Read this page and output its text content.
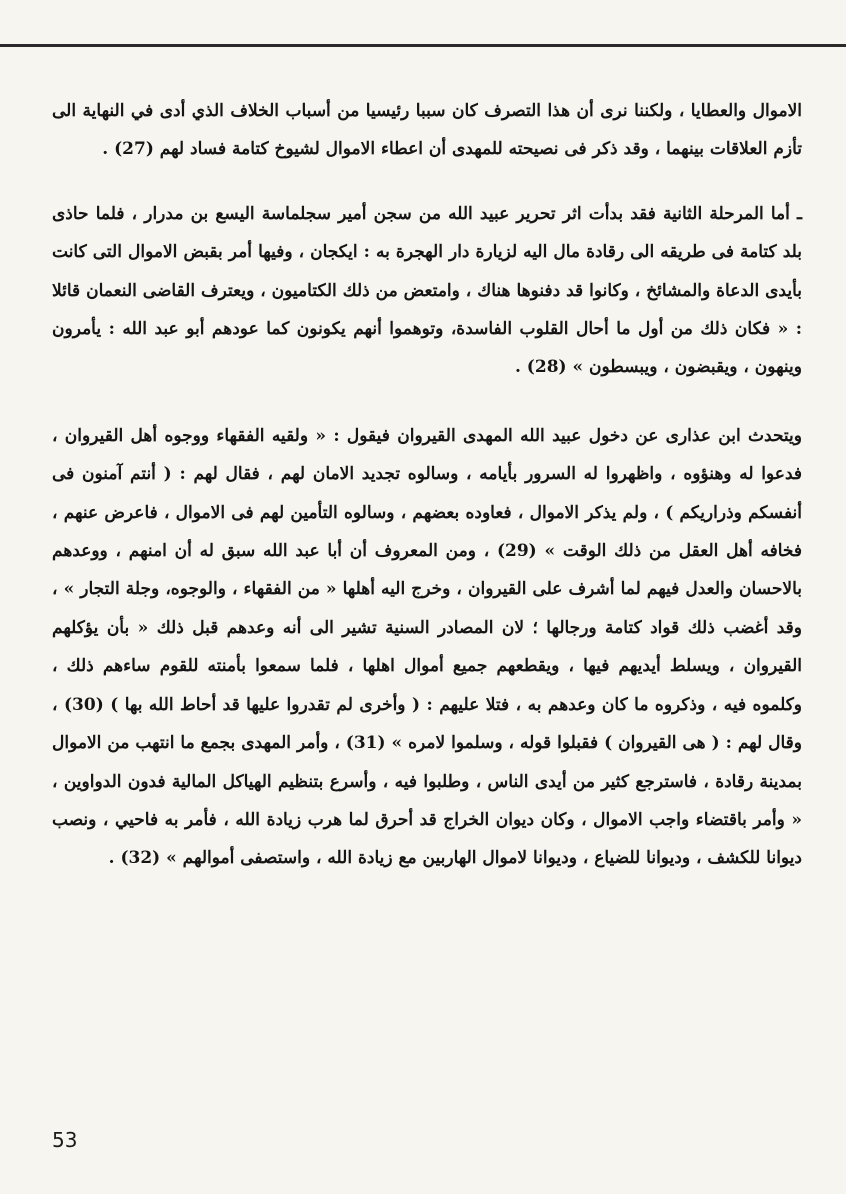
الاموال والعطايا ، ولكننا نرى أن هذا التصرف كان سببا رئيسيا من أسباب الخلاف الذي أدى في النهاية الى تأزم العلاقات بينهما ، وقد ذكر فى نصيحته للمهدى أن اعطاء الاموال لشيوخ كتامة فساد لهم (27) .

ـ أما المرحلة الثانية فقد بدأت اثر تحرير عبيد الله من سجن أمير سجلماسة اليسع بن مدرار ، فلما حاذى بلد كتامة فى طريقه الى رقادة مال اليه لزيارة دار الهجرة به : ايكجان ، وفيها أمر بقبض الاموال التى كانت بأيدى الدعاة والمشائخ ، وكانوا قد دفنوها هناك ، وامتعض من ذلك الكتاميون ، ويعترف القاضى النعمان قائلا : « فكان ذلك من أول ما أحال القلوب الفاسدة، وتوهموا أنهم يكونون كما عودهم أبو عبد الله : يأمرون وينهون ، ويقبضون ، ويبسطون » (28) .

ويتحدث ابن عذارى عن دخول عبيد الله المهدى القيروان فيقول : « ولقيه الفقهاء ووجوه أهل القيروان ، فدعوا له وهنؤوه ، واظهروا له السرور بأيامه ، وسالوه تجديد الامان لهم ، فقال لهم : ( أنتم آمنون فى أنفسكم وذراريكم ) ، ولم يذكر الاموال ، فعاوده بعضهم ، وسالوه التأمين لهم فى الاموال ، فاعرض عنهم ، فخافه أهل العقل من ذلك الوقت » (29) ، ومن المعروف أن أبا عبد الله سبق له أن امنهم ، ووعدهم بالاحسان والعدل فيهم لما أشرف على القيروان ، وخرج اليه أهلها « من الفقهاء ، والوجوه، وجلة التجار » ، وقد أغضب ذلك قواد كتامة ورجالها ؛ لان المصادر السنية تشير الى أنه وعدهم قبل ذلك « بأن يؤكلهم القيروان ، ويسلط أيديهم فيها ، ويقطعهم جميع أموال اهلها ، فلما سمعوا بأمنته للقوم ساءهم ذلك ، وكلموه فيه ، وذكروه ما كان وعدهم به ، فتلا عليهم : ( وأخرى لم تقدروا عليها قد أحاط الله بها ) (30) ، وقال لهم : ( هى القيروان ) فقبلوا قوله ، وسلموا لامره » (31) ، وأمر المهدى بجمع ما انتهب من الاموال بمدينة رقادة ، فاسترجع كثير من أيدى الناس ، وطلبوا فيه ، وأسرع بتنظيم الهياكل المالية فدون الدواوين ، « وأمر باقتضاء واجب الاموال ، وكان ديوان الخراج قد أحرق لما هرب زيادة الله ، فأمر به فاحيي ، ونصب ديوانا للكشف ، وديوانا للضياع ، وديوانا لاموال الهاربين مع زيادة الله ، واستصفى أموالهم » (32) .

53
